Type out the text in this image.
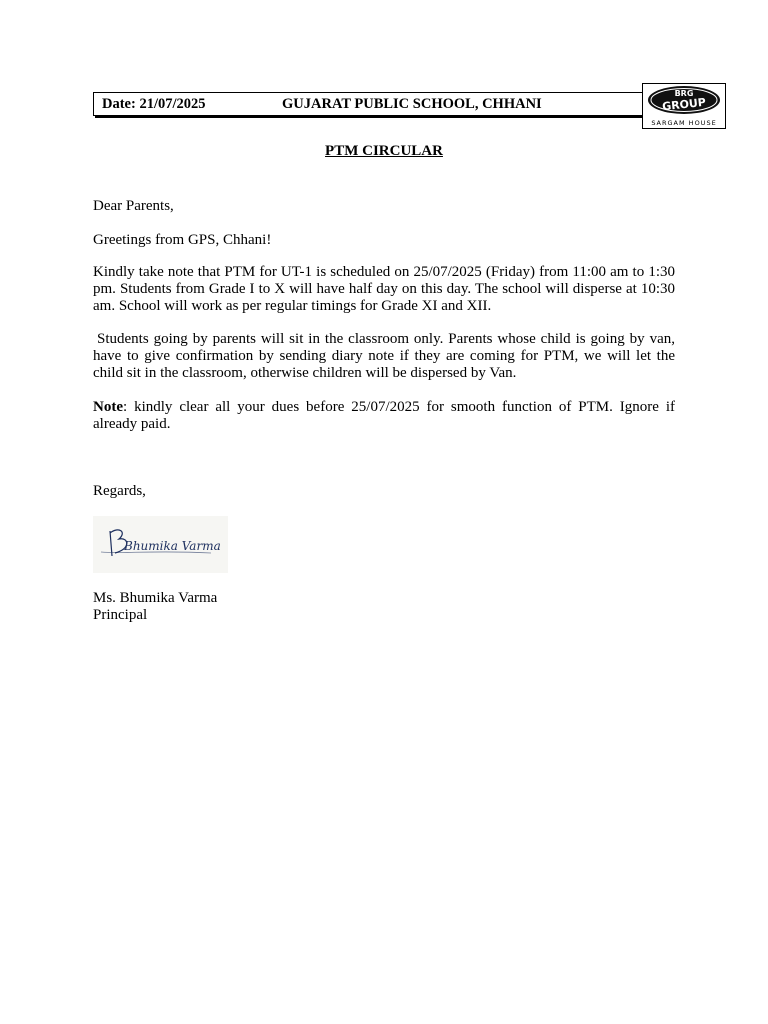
Date: 21/07/2025	GUJARAT PUBLIC SCHOOL, CHHANI
BRG
GROUP
SARGAM HOUSE
PTM CIRCULAR
Dear Parents,
Greetings from GPS, Chhani!
Kindly take note that PTM for UT-1 is scheduled on 25/07/2025 (Friday) from 11:00 am to 1:30 pm. Students from Grade I to X will have half day on this day. The school will disperse at 10:30 am. School will work as per regular timings for Grade XI and XII.
Students going by parents will sit in the classroom only. Parents whose child is going by van, have to give confirmation by sending diary note if they are coming for PTM, we will let the child sit in the classroom, otherwise children will be dispersed by Van.
Note: kindly clear all your dues before 25/07/2025 for smooth function of PTM. Ignore if already paid.
Regards,
Bhumika Varma
Ms. Bhumika Varma
Principal
